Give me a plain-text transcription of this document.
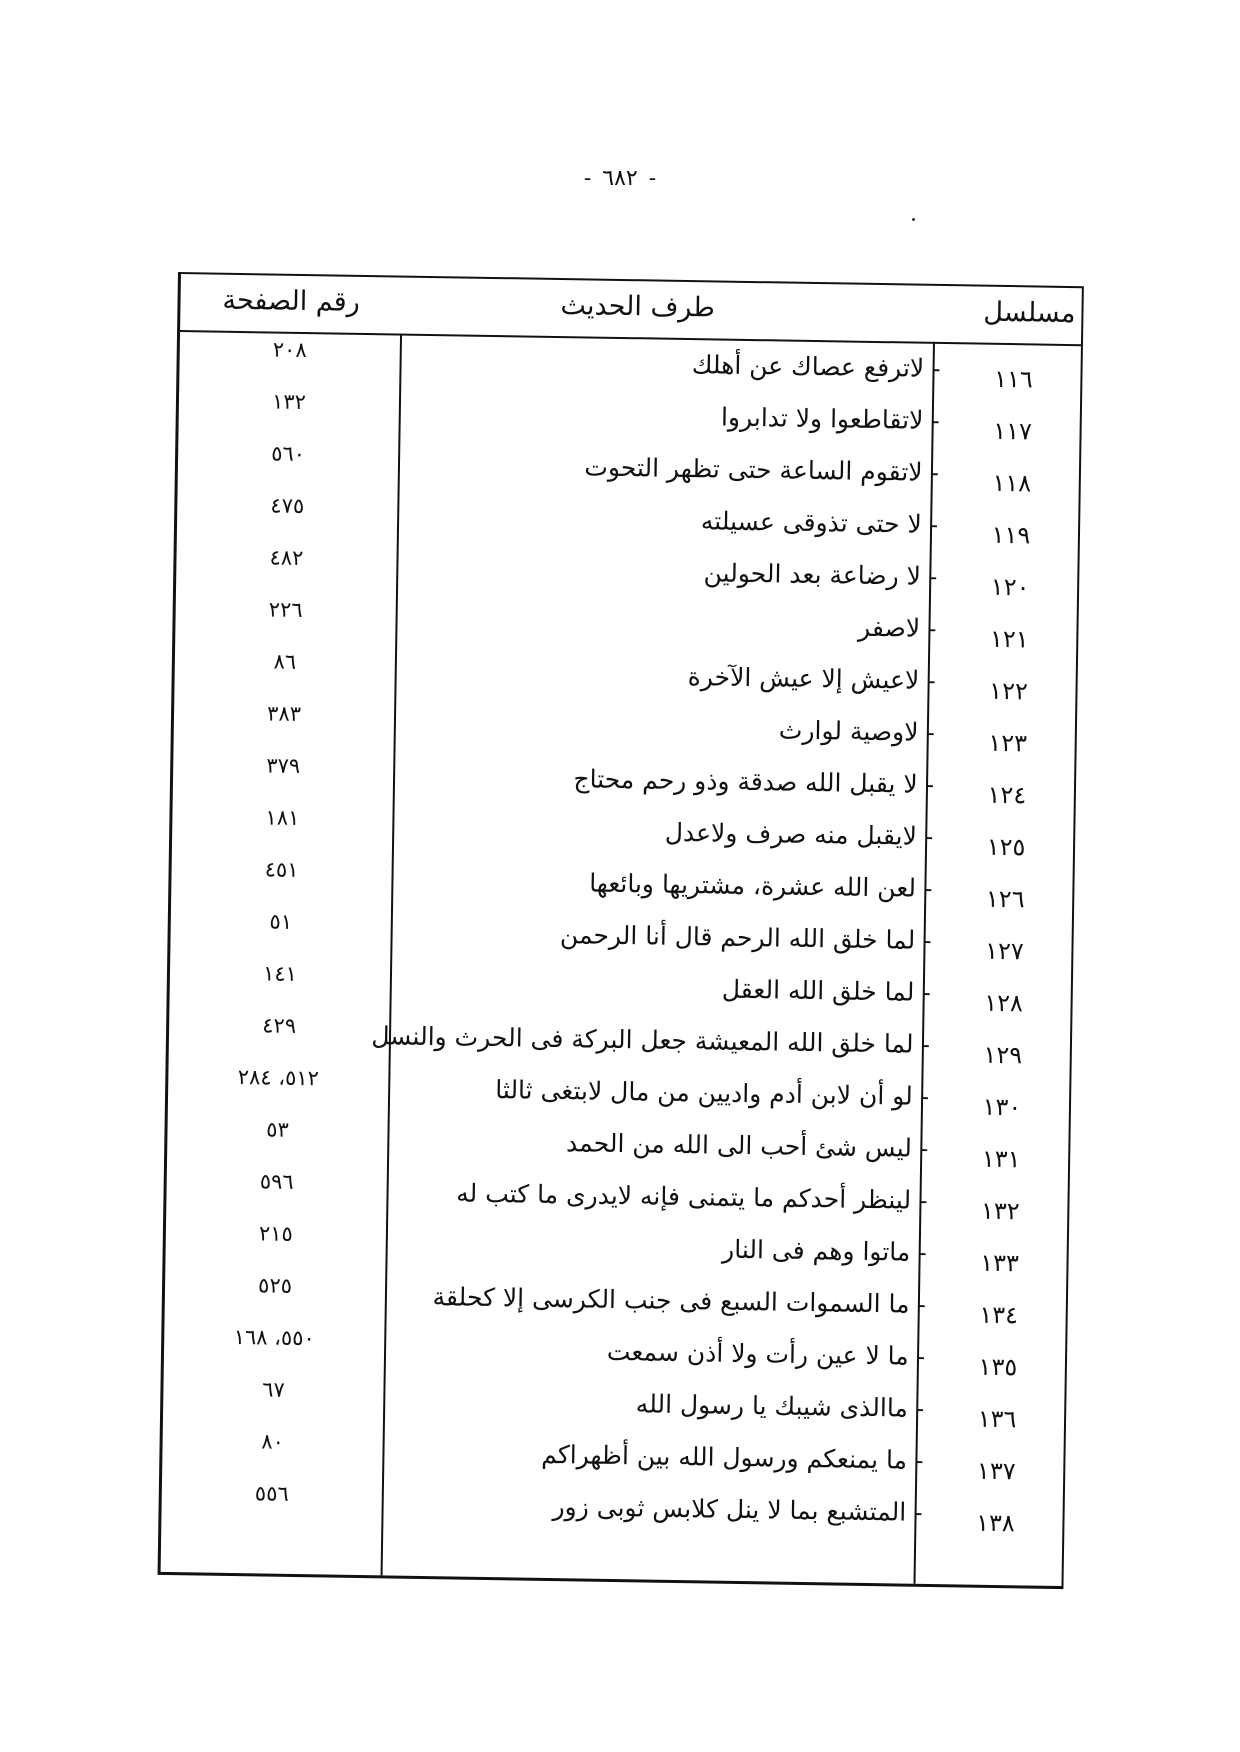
- ٦٨٢ -
مسلسل
طرف الحديث
رقم الصفحة
١١٦
- لاترفع عصاك عن أهلك
٢٠٨
١١٧
- لاتقاطعوا ولا تدابروا
١٣٢
١١٨
- لاتقوم الساعة حتى تظهر التحوت
٥٦٠
١١٩
- لا حتى تذوقى عسيلته
٤٧٥
١٢٠
- لا رضاعة بعد الحولين
٤٨٢
١٢١
- لاصفر
٢٢٦
١٢٢
- لاعيش إلا عيش الآخرة
٨٦
١٢٣
- لاوصية لوارث
٣٨٣
١٢٤
- لا يقبل الله صدقة وذو رحم محتاج
٣٧٩
١٢٥
- لايقبل منه صرف ولاعدل
١٨١
١٢٦
- لعن الله عشرة، مشتريها وبائعها
٤٥١
١٢٧
- لما خلق الله الرحم قال أنا الرحمن
٥١
١٢٨
- لما خلق الله العقل
١٤١
١٢٩
- لما خلق الله المعيشة جعل البركة فى الحرث والنسل
٤٢٩
١٣٠
- لو أن لابن أدم واديين من مال لابتغى ثالثا
٥١٢، ٢٨٤
١٣١
- ليس شئ أحب الى الله من الحمد
٥٣
١٣٢
- لينظر أحدكم ما يتمنى فإنه لايدرى ما كتب له
٥٩٦
١٣٣
- ماتوا وهم فى النار
٢١٥
١٣٤
- ما السموات السبع فى جنب الكرسى إلا كحلقة
٥٢٥
١٣٥
- ما لا عين رأت ولا أذن سمعت
٥٥٠، ١٦٨
١٣٦
- ماالذى شيبك يا رسول الله
٦٧
١٣٧
- ما يمنعكم ورسول الله بين أظهراكم
٨٠
١٣٨
- المتشبع بما لا ينل كلابس ثوبى زور
٥٥٦
